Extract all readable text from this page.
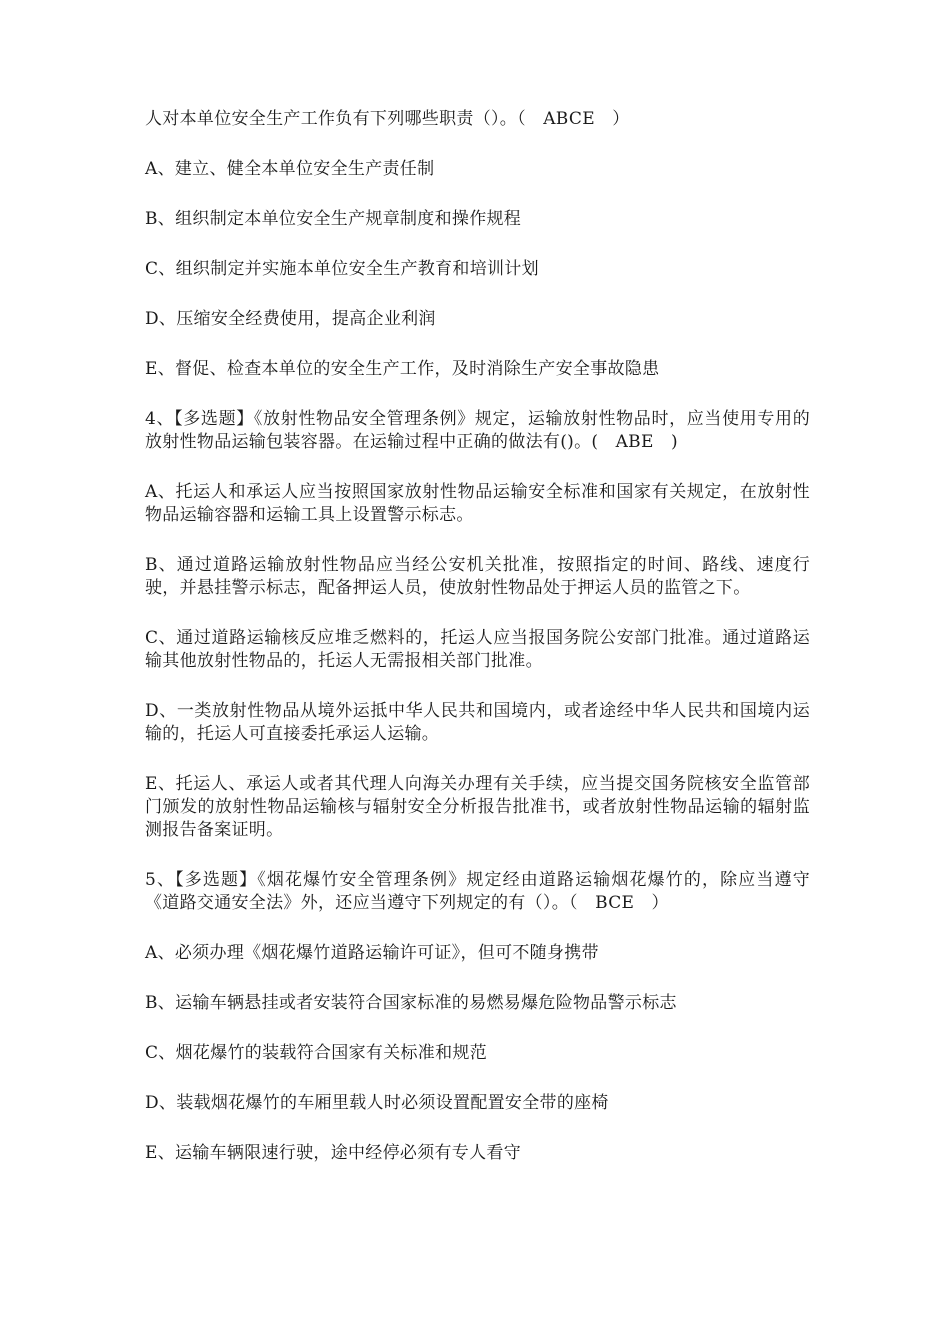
人对本单位安全生产工作负有下列哪些职责（）。（　ABCE　）

A、建立、健全本单位安全生产责任制

B、组织制定本单位安全生产规章制度和操作规程

C、组织制定并实施本单位安全生产教育和培训计划

D、压缩安全经费使用，提高企业利润

E、督促、检查本单位的安全生产工作，及时消除生产安全事故隐患

4、【多选题】《放射性物品安全管理条例》规定，运输放射性物品时，应当使用专用的放射性物品运输包装容器。在运输过程中正确的做法有()。(　ABE　)

A、托运人和承运人应当按照国家放射性物品运输安全标准和国家有关规定，在放射性物品运输容器和运输工具上设置警示标志。

B、通过道路运输放射性物品应当经公安机关批准，按照指定的时间、路线、速度行驶，并悬挂警示标志，配备押运人员，使放射性物品处于押运人员的监管之下。

C、通过道路运输核反应堆乏燃料的，托运人应当报国务院公安部门批准。通过道路运输其他放射性物品的，托运人无需报相关部门批准。

D、一类放射性物品从境外运抵中华人民共和国境内，或者途经中华人民共和国境内运输的，托运人可直接委托承运人运输。

E、托运人、承运人或者其代理人向海关办理有关手续，应当提交国务院核安全监管部门颁发的放射性物品运输核与辐射安全分析报告批准书，或者放射性物品运输的辐射监测报告备案证明。

5、【多选题】《烟花爆竹安全管理条例》规定经由道路运输烟花爆竹的，除应当遵守《道路交通安全法》外，还应当遵守下列规定的有（）。（　BCE　）

A、必须办理《烟花爆竹道路运输许可证》，但可不随身携带

B、运输车辆悬挂或者安装符合国家标准的易燃易爆危险物品警示标志

C、烟花爆竹的装载符合国家有关标准和规范

D、装载烟花爆竹的车厢里载人时必须设置配置安全带的座椅

E、运输车辆限速行驶，途中经停必须有专人看守
